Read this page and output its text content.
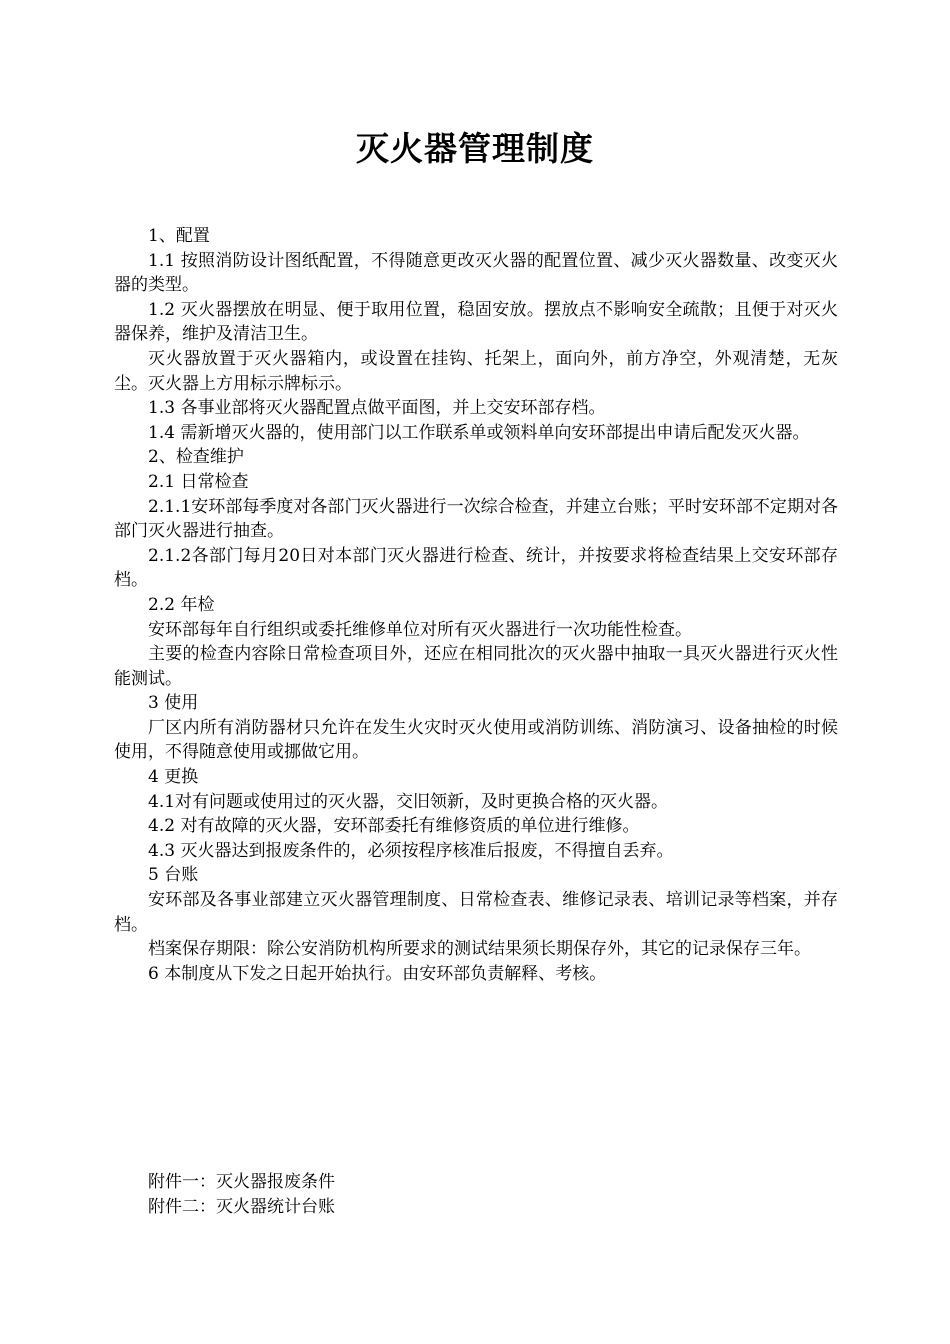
灭火器管理制度

1、配置

1.1 按照消防设计图纸配置，不得随意更改灭火器的配置位置、减少灭火器数量、改变灭火器的类型。

1.2 灭火器摆放在明显、便于取用位置，稳固安放。摆放点不影响安全疏散；且便于对灭火器保养，维护及清洁卫生。

灭火器放置于灭火器箱内，或设置在挂钩、托架上，面向外，前方净空，外观清楚，无灰尘。灭火器上方用标示牌标示。

1.3 各事业部将灭火器配置点做平面图，并上交安环部存档。

1.4 需新增灭火器的，使用部门以工作联系单或领料单向安环部提出申请后配发灭火器。

2、检查维护

2.1 日常检查

2.1.1安环部每季度对各部门灭火器进行一次综合检查，并建立台账；平时安环部不定期对各部门灭火器进行抽查。

2.1.2各部门每月20日对本部门灭火器进行检查、统计，并按要求将检查结果上交安环部存档。

2.2 年检

安环部每年自行组织或委托维修单位对所有灭火器进行一次功能性检查。

主要的检查内容除日常检查项目外，还应在相同批次的灭火器中抽取一具灭火器进行灭火性能测试。

3 使用

厂区内所有消防器材只允许在发生火灾时灭火使用或消防训练、消防演习、设备抽检的时候使用，不得随意使用或挪做它用。

4 更换

4.1对有问题或使用过的灭火器，交旧领新，及时更换合格的灭火器。

4.2 对有故障的灭火器，安环部委托有维修资质的单位进行维修。

4.3 灭火器达到报废条件的，必须按程序核准后报废，不得擅自丢弃。

5 台账

安环部及各事业部建立灭火器管理制度、日常检查表、维修记录表、培训记录等档案，并存档。

档案保存期限：除公安消防机构所要求的测试结果须长期保存外，其它的记录保存三年。

6 本制度从下发之日起开始执行。由安环部负责解释、考核。

附件一：灭火器报废条件

附件二：灭火器统计台账
